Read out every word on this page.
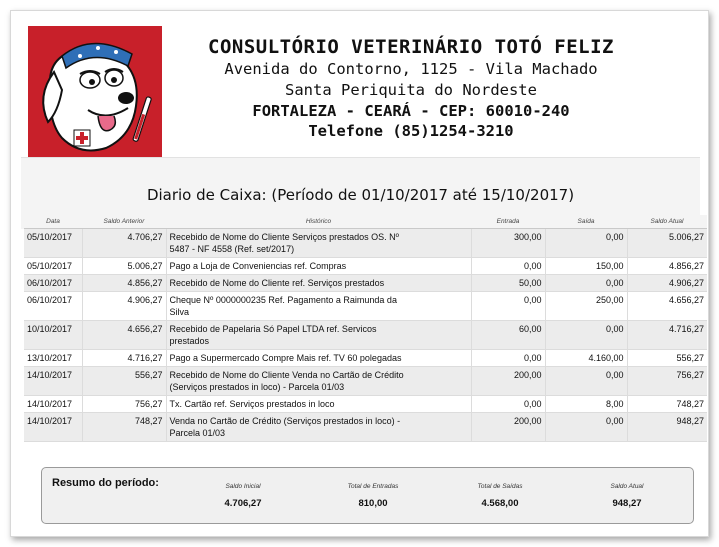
CONSULTÓRIO VETERINÁRIO TOTÓ FELIZ
Avenida do Contorno, 1125 - Vila Machado
Santa Periquita do Nordeste
FORTALEZA - CEARÁ - CEP: 60010-240
Telefone (85)1254-3210
Diario de Caixa: (Período de 01/10/2017 até 15/10/2017)
Data	Saldo Anterior	Histórico	Entrada	Saída	Saldo Atual
05/10/2017	4.706,27	Recebido de Nome do Cliente Serviços prestados OS. Nº
5487 - NF 4558 (Ref. set/2017)	300,00	0,00	5.006,27
05/10/2017	5.006,27	Pago a Loja de Conveniencias ref. Compras	0,00	150,00	4.856,27
06/10/2017	4.856,27	Recebido de Nome do Cliente ref. Serviços prestados	50,00	0,00	4.906,27
06/10/2017	4.906,27	Cheque Nº 0000000235 Ref. Pagamento a Raimunda da
Silva	0,00	250,00	4.656,27
10/10/2017	4.656,27	Recebido de Papelaria Só Papel LTDA ref. Servicos
prestados	60,00	0,00	4.716,27
13/10/2017	4.716,27	Pago a Supermercado Compre Mais ref. TV 60 polegadas	0,00	4.160,00	556,27
14/10/2017	556,27	Recebido de Nome do Cliente Venda no Cartão de Crédito
(Serviços prestados in loco) - Parcela 01/03	200,00	0,00	756,27
14/10/2017	756,27	Tx. Cartão ref. Serviços prestados in loco	0,00	8,00	748,27
14/10/2017	748,27	Venda no Cartão de Crédito (Serviços prestados in loco) -
Parcela 01/03	200,00	0,00	948,27
Resumo do período:	Saldo Inicial
4.706,27
Total de Entradas
810,00
Total de Saídas
4.568,00
Saldo Atual
948,27
